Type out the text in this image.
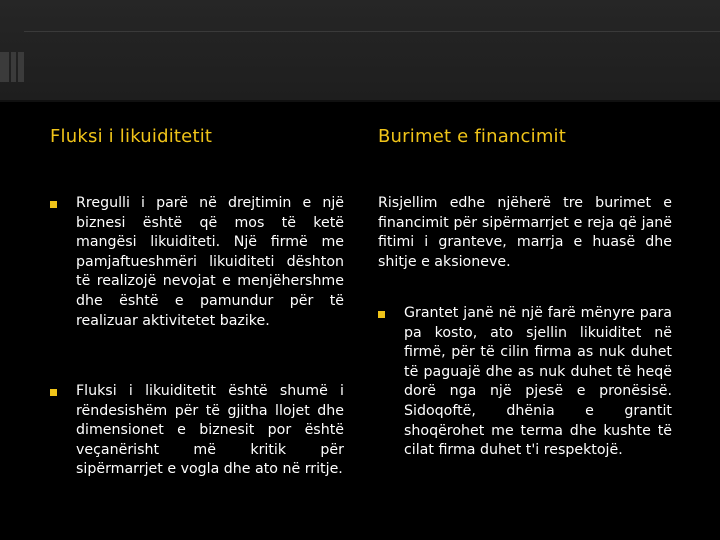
Fluksi i likuiditetit

Rregulli i parë në drejtimin e një biznesi është që mos të ketë mangësi likuiditeti. Një firmë me pamjaftueshmëri likuiditeti dështon të realizojë nevojat e menjëhershme dhe është e pamundur për të realizuar aktivitetet bazike.

Fluksi i likuiditetit është shumë i rëndesishëm për të gjitha llojet dhe dimensionet e biznesit por është veçanërisht më kritik për sipërmarrjet e vogla dhe ato në rritje.

Burimet e financimit

Risjellim edhe njëherë tre burimet e financimit për sipërmarrjet e reja që janë fitimi i granteve, marrja e huasë dhe shitje e aksioneve.

Grantet janë në një farë mënyre para pa kosto, ato sjellin likuiditet në firmë, për të cilin firma as nuk duhet të paguajë dhe as nuk duhet të heqë dorë nga një pjesë e pronësisë. Sidoqoftë, dhënia e grantit shoqërohet me terma dhe kushte të cilat firma duhet t'i respektojë.
